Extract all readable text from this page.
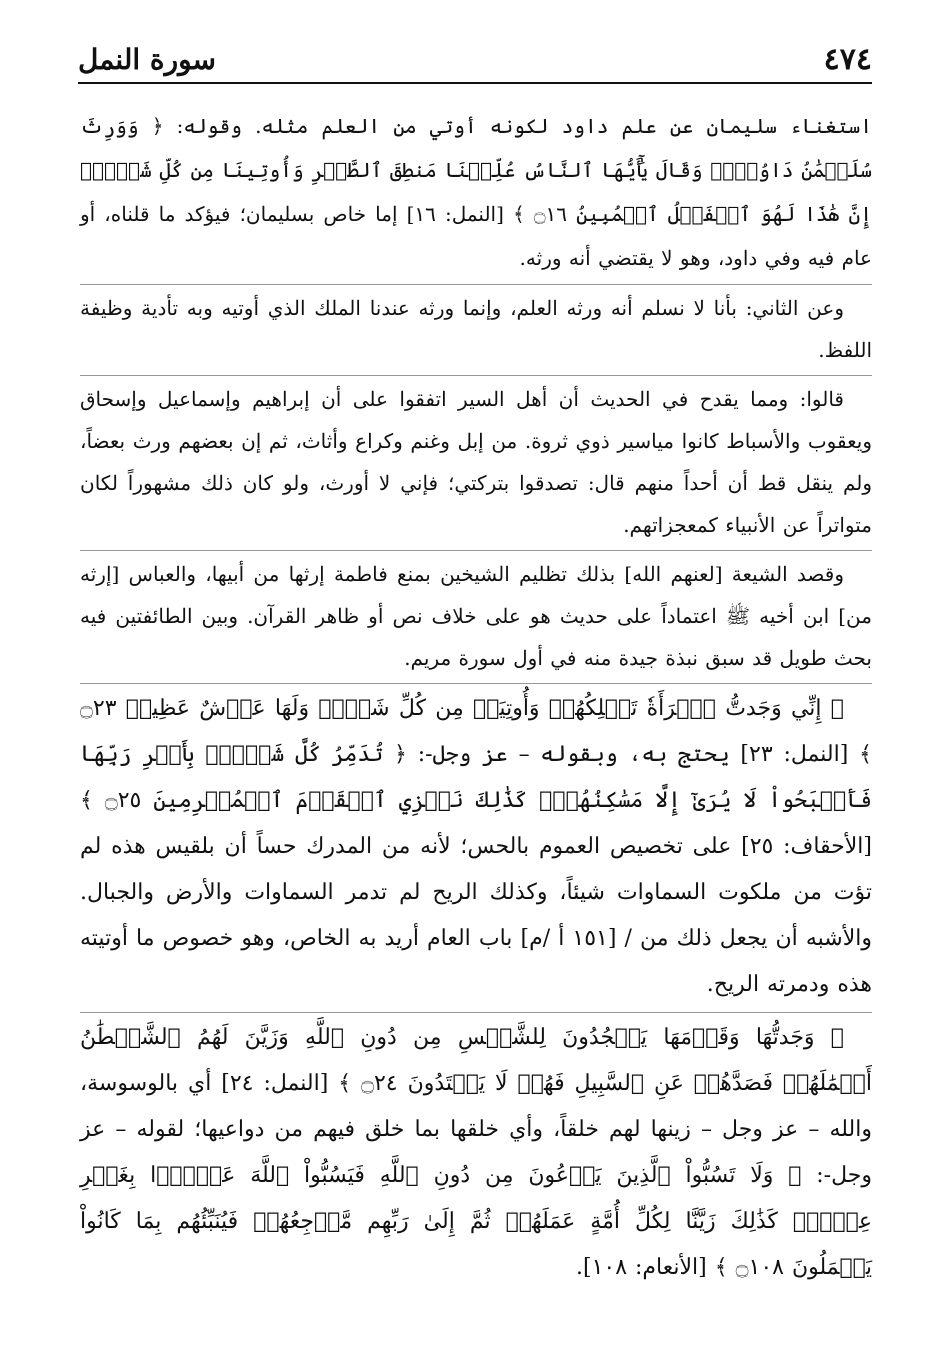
٤٧٤
سورة النمل

استغناء سليمان عن علم داود لكونه أوتي من العلم مثله. وقوله: ﴿ وَوَرِثَ سُلَيۡمَٰنُ دَاوُۥدَۖ وَقَالَ يَٰٓأَيُّهَا ٱلنَّاسُ عُلِّمۡنَا مَنطِقَ ٱلطَّيۡرِ وَأُوتِينَا مِن كُلِّ شَيۡءٍۖ إِنَّ هَٰذَا لَهُوَ ٱلۡفَضۡلُ ٱلۡمُبِينُ ۝١٦ ﴾ [النمل: ١٦] إما خاص بسليمان؛ فيؤكد ما قلناه، أو عام فيه وفي داود، وهو لا يقتضي أنه ورثه.

وعن الثاني: بأنا لا نسلم أنه ورثه العلم، وإنما ورثه عندنا الملك الذي أوتيه وبه تأدية وظيفة اللفظ.

قالوا: ومما يقدح في الحديث أن أهل السير اتفقوا على أن إبراهيم وإسماعيل وإسحاق ويعقوب والأسباط كانوا مياسير ذوي ثروة. من إبل وغنم وكراع وأثاث، ثم إن بعضهم ورث بعضاً، ولم ينقل قط أن أحداً منهم قال: تصدقوا بتركتي؛ فإني لا أورث، ولو كان ذلك مشهوراً لكان متواتراً عن الأنبياء كمعجزاتهم.

وقصد الشيعة [لعنهم الله] بذلك تظليم الشيخين بمنع فاطمة إرثها من أبيها، والعباس [إرثه من] ابن أخيه ﷺ اعتماداً على حديث هو على خلاف نص أو ظاهر القرآن. وبين الطائفتين فيه بحث طويل قد سبق نبذة جيدة منه في أول سورة مريم.

﴿ إِنِّي وَجَدتُّ ٱمۡرَأَةٗ تَمۡلِكُهُمۡ وَأُوتِيَتۡ مِن كُلِّ شَيۡءٖ وَلَهَا عَرۡشٌ عَظِيمٞ ۝٢٣ ﴾ [النمل: ٢٣] يحتج به، وبقوله – عز وجل-: ﴿ تُدَمِّرُ كُلَّ شَيۡءِۭ بِأَمۡرِ رَبِّهَا فَأَصۡبَحُواْ لَا يُرَىٰٓ إِلَّا مَسَٰكِنُهُمۡۚ كَذَٰلِكَ نَجۡزِي ٱلۡقَوۡمَ ٱلۡمُجۡرِمِينَ ۝٢٥ ﴾ [الأحقاف: ٢٥] على تخصيص العموم بالحس؛ لأنه من المدرك حساً أن بلقيس هذه لم تؤت من ملكوت السماوات شيئاً، وكذلك الريح لم تدمر السماوات والأرض والجبال. والأشبه أن يجعل ذلك من / [١٥١ أ /م] باب العام أريد به الخاص، وهو خصوص ما أوتيته هذه ودمرته الريح.

﴿ وَجَدتُّهَا وَقَوۡمَهَا يَسۡجُدُونَ لِلشَّمۡسِ مِن دُونِ ٱللَّهِ وَزَيَّنَ لَهُمُ ٱلشَّيۡطَٰنُ أَعۡمَٰلَهُمۡ فَصَدَّهُمۡ عَنِ ٱلسَّبِيلِ فَهُمۡ لَا يَهۡتَدُونَ ۝٢٤ ﴾ [النمل: ٢٤] أي بالوسوسة، والله – عز وجل – زينها لهم خلقاً، وأي خلقها بما خلق فيهم من دواعيها؛ لقوله – عز وجل-: ﴿ وَلَا تَسُبُّواْ ٱلَّذِينَ يَدۡعُونَ مِن دُونِ ٱللَّهِ فَيَسُبُّواْ ٱللَّهَ عَدۡوَۢا بِغَيۡرِ عِلۡمٖۗ كَذَٰلِكَ زَيَّنَّا لِكُلِّ أُمَّةٍ عَمَلَهُمۡ ثُمَّ إِلَىٰ رَبِّهِم مَّرۡجِعُهُمۡ فَيُنَبِّئُهُم بِمَا كَانُواْ يَعۡمَلُونَ ۝١٠٨ ﴾ [الأنعام: ١٠٨].
